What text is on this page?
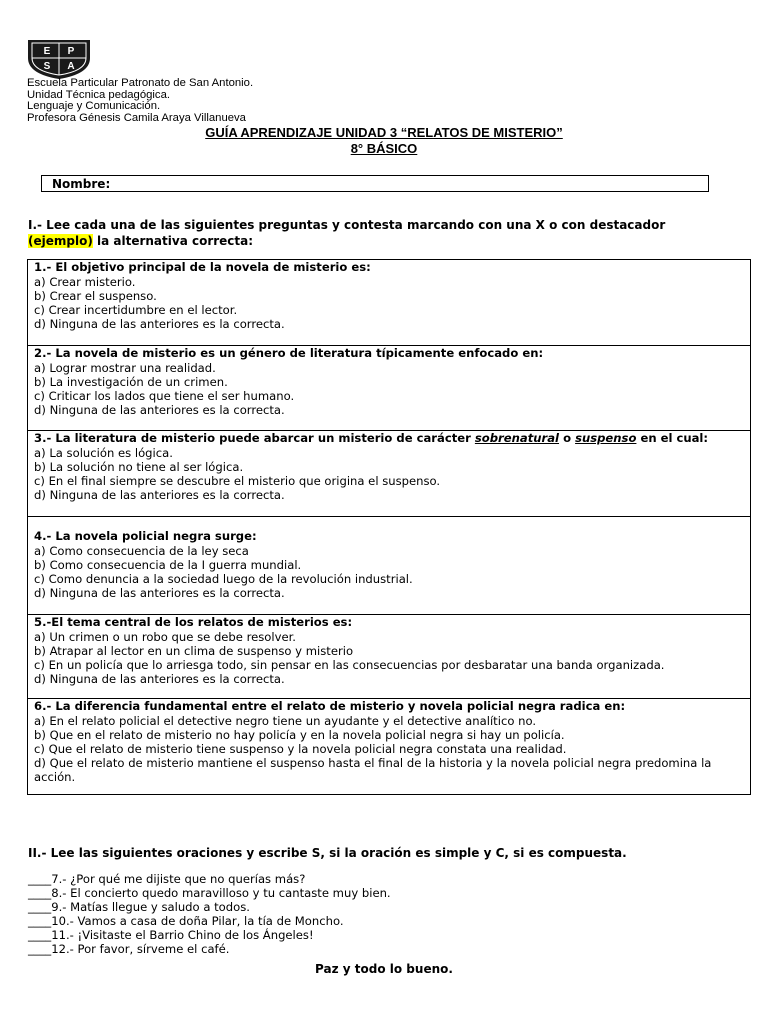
E P
S A
Escuela Particular Patronato de San Antonio.
Unidad Técnica pedagógica.
Lenguaje y Comunicación.
Profesora Génesis Camila Araya Villanueva
GUÍA APRENDIZAJE UNIDAD 3 “RELATOS DE MISTERIO”
8° BÁSICO
Nombre:
I.- Lee cada una de las siguientes preguntas y contesta marcando con una X o con destacador
(ejemplo) la alternativa correcta:
1.- El objetivo principal de la novela de misterio es:
a) Crear misterio.
b) Crear el suspenso.
c) Crear incertidumbre en el lector.
d) Ninguna de las anteriores es la correcta.
2.- La novela de misterio es un género de literatura típicamente enfocado en:
a) Lograr mostrar una realidad.
b) La investigación de un crimen.
c) Criticar los lados que tiene el ser humano.
d) Ninguna de las anteriores es la correcta.
3.- La literatura de misterio puede abarcar un misterio de carácter sobrenatural o suspenso en el cual:
a) La solución es lógica.
b) La solución no tiene al ser lógica.
c) En el final siempre se descubre el misterio que origina el suspenso.
d) Ninguna de las anteriores es la correcta.
4.- La novela policial negra surge:
a) Como consecuencia de la ley seca
b) Como consecuencia de la I guerra mundial.
c) Como denuncia a la sociedad luego de la revolución industrial.
d) Ninguna de las anteriores es la correcta.
5.-El tema central de los relatos de misterios es:
a) Un crimen o un robo que se debe resolver.
b) Atrapar al lector en un clima de suspenso y misterio
c) En un policía que lo arriesga todo, sin pensar en las consecuencias por desbaratar una banda organizada.
d) Ninguna de las anteriores es la correcta.
6.- La diferencia fundamental entre el relato de misterio y novela policial negra radica en:
a) En el relato policial el detective negro tiene un ayudante y el detective analítico no.
b) Que en el relato de misterio no hay policía y en la novela policial negra si hay un policía.
c) Que el relato de misterio tiene suspenso y la novela policial negra constata una realidad.
d) Que el relato de misterio mantiene el suspenso hasta el final de la historia y la novela policial negra predomina la acción.
II.- Lee las siguientes oraciones y escribe S, si la oración es simple y C, si es compuesta.
____7.- ¿Por qué me dijiste que no querías más?
____8.- El concierto quedo maravilloso y tu cantaste muy bien.
____9.- Matías llegue y saludo a todos.
____10.- Vamos a casa de doña Pilar, la tía de Moncho.
____11.- ¡Visitaste el Barrio Chino de los Ángeles!
____12.- Por favor, sírveme el café.
Paz y todo lo bueno.
